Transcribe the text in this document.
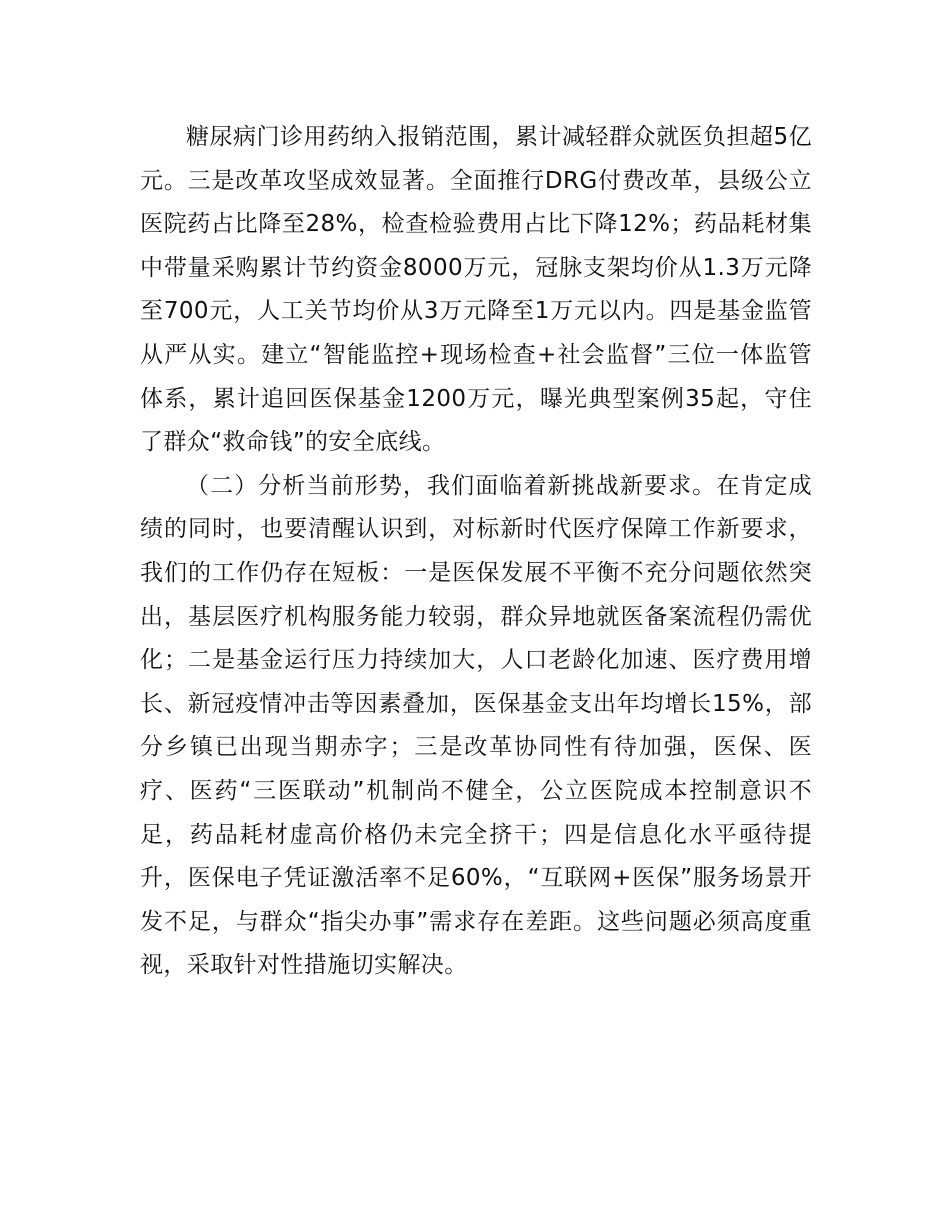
糖尿病门诊用药纳入报销范围，累计减轻群众就医负担超5亿元。三是改革攻坚成效显著。全面推行DRG付费改革，县级公立医院药占比降至28%，检查检验费用占比下降12%；药品耗材集中带量采购累计节约资金8000万元，冠脉支架均价从1.3万元降至700元，人工关节均价从3万元降至1万元以内。四是基金监管从严从实。建立“智能监控+现场检查+社会监督”三位一体监管体系，累计追回医保基金1200万元，曝光典型案例35起，守住了群众“救命钱”的安全底线。

（二）分析当前形势，我们面临着新挑战新要求。在肯定成绩的同时，也要清醒认识到，对标新时代医疗保障工作新要求，我们的工作仍存在短板：一是医保发展不平衡不充分问题依然突出，基层医疗机构服务能力较弱，群众异地就医备案流程仍需优化；二是基金运行压力持续加大，人口老龄化加速、医疗费用增长、新冠疫情冲击等因素叠加，医保基金支出年均增长15%，部分乡镇已出现当期赤字；三是改革协同性有待加强，医保、医疗、医药“三医联动”机制尚不健全，公立医院成本控制意识不足，药品耗材虚高价格仍未完全挤干；四是信息化水平亟待提升，医保电子凭证激活率不足60%，“互联网+医保”服务场景开发不足，与群众“指尖办事”需求存在差距。这些问题必须高度重视，采取针对性措施切实解决。
